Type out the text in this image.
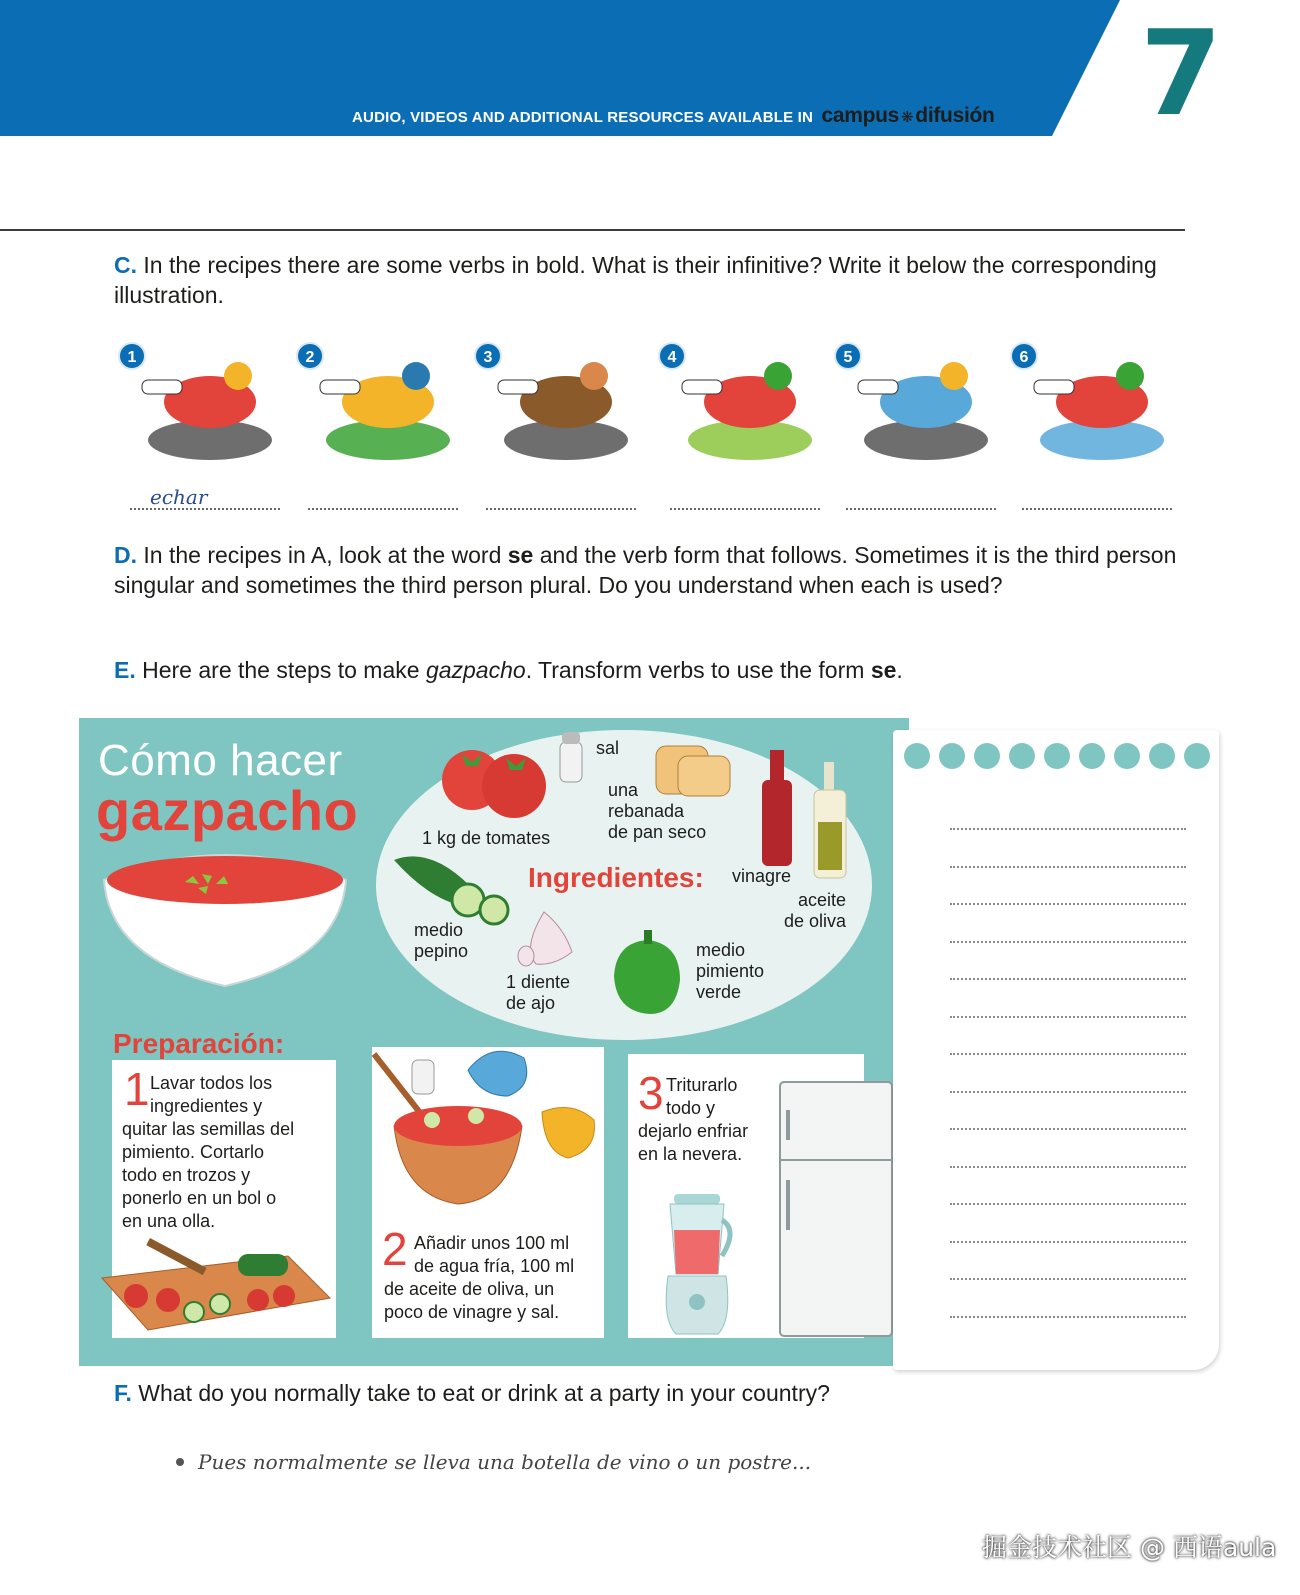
AUDIO, VIDEOS AND ADDITIONAL RESOURCES AVAILABLE IN campus ❋difusión 7
C. In the recipes there are some verbs in bold. What is their infinitive? Write it below the corresponding illustration.
1
echar
2	3	4	5	6
D. In the recipes in A, look at the word se and the verb form that follows. Sometimes it is the third person singular and sometimes the third person plural. Do you understand when each is used?
E. Here are the steps to make gazpacho. Transform verbs to use the form se.
Cómo hacer
gazpacho
Ingredientes:
1 kg de tomates
sal
una
rebanada
de pan seco
vinagre
aceite
de oliva
medio
pepino
1 diente
de ajo
medio
pimiento
verde
Preparación:
1 Lavar todos los
ingredientes y
quitar las semillas del
pimiento. Cortarlo
todo en trozos y
ponerlo en un bol o
en una olla.
2 Añadir unos 100 ml
de agua fría, 100 ml
de aceite de oliva, un
poco de vinagre y sal.
3 Triturarlo
todo y
dejarlo enfriar
en la nevera.
F. What do you normally take to eat or drink at a party in your country?
Pues normalmente se lleva una botella de vino o un postre...
掘金技术社区 @ 西语aula
